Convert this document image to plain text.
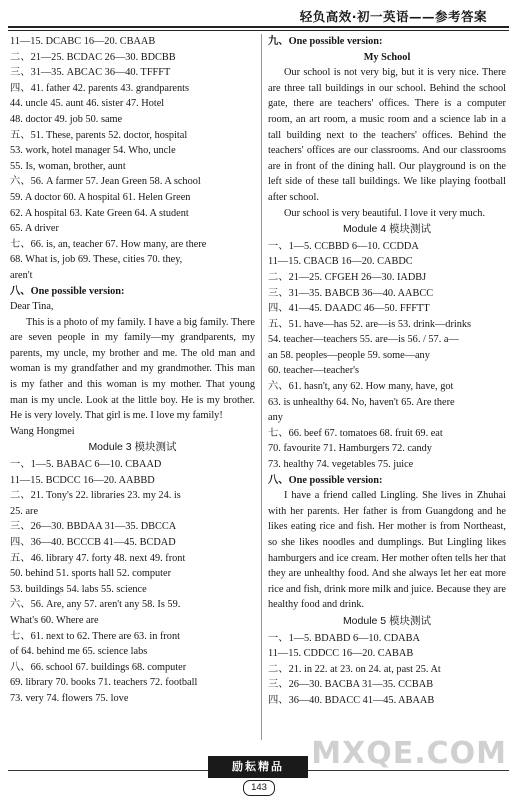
轻负高效·初一英语——参考答案
11—15. DCABC 16—20. CBAAB
二、21—25. BCDAC 26—30. BDCBB
三、31—35. ABCAC 36—40. TFFFT
四、41. father 42. parents 43. grandparents
44. uncle 45. aunt 46. sister 47. Hotel
48. doctor 49. job 50. same
五、51. These, parents 52. doctor, hospital
53. work, hotel manager 54. Who, uncle
55. Is, woman, brother, aunt
六、56. A farmer 57. Jean Green 58. A school
59. A doctor 60. A hospital 61. Helen Green
62. A hospital 63. Kate Green 64. A student
65. A driver
七、66. is, an, teacher 67. How many, are there
68. What is, job 69. These, cities 70. they,
aren't
八、One possible version:
Dear Tina,

This is a photo of my family. I have a big family. There are seven people in my family—my grandparents, my parents, my uncle, my brother and me. The old man and woman is my grandfather and my grandmother. This man is my father and this woman is my mother. That young man is my uncle. Look at the little boy. He is my brother. He is very lovely. That girl is me. I love my family!

Wang Hongmei
Module 3 模块测试
一、1—5. BABAC 6—10. CBAAD
11—15. BCDCC 16—20. AABBD
二、21. Tony's 22. libraries 23. my 24. is
25. are
三、26—30. BBDAA 31—35. DBCCA
四、36—40. BCCCB 41—45. BCDAD
五、46. library 47. forty 48. next 49. front
50. behind 51. sports hall 52. computer
53. buildings 54. labs 55. science
六、56. Are, any 57. aren't any 58. Is 59.
What's 60. Where are
七、61. next to 62. There are 63. in front
of 64. behind me 65. science labs
八、66. school 67. buildings 68. computer
69. library 70. books 71. teachers 72. football
73. very 74. flowers 75. love
九、One possible version:
My School

Our school is not very big, but it is very nice. There are three tall buildings in our school. Behind the school gate, there are teachers' offices. There is a computer room, an art room, a music room and a science lab in a tall building next to the teachers' offices. Behind the teachers' offices are our classrooms. And our classrooms are in front of the dining hall. Our playground is on the left side of these tall buildings. We like playing football after school.

Our school is very beautiful. I love it very much.

Module 4 模块测试
一、1—5. CCBBD 6—10. CCDDA
11—15. CBACB 16—20. CABDC
二、21—25. CFGEH 26—30. IADBJ
三、31—35. BABCB 36—40. AABCC
四、41—45. DAADC 46—50. FFFTT
五、51. have—has 52. are—is 53. drink—drinks
54. teacher—teachers 55. are—is 56. / 57. a—
an 58. peoples—people 59. some—any
60. teacher—teacher's
六、61. hasn't, any 62. How many, have, got
63. is unhealthy 64. No, haven't 65. Are there
any
七、66. beef 67. tomatoes 68. fruit 69. eat
70. favourite 71. Hamburgers 72. candy
73. healthy 74. vegetables 75. juice
八、One possible version:

I have a friend called Lingling. She lives in Zhuhai with her parents. Her father is from Guangdong and he likes eating rice and fish. Her mother is from Northeast, so she likes noodles and dumplings. But Lingling likes hamburgers and ice cream. Her mother often tells her that they are unhealthy food. And she always let her eat more rice and fish, drink more milk and juice. Because they are healthy food and drink.

Module 5 模块测试
一、1—5. BDABD 6—10. CDABA
11—15. CDDCC 16—20. CABAB
二、21. in 22. at 23. on 24. at, past 25. At
三、26—30. BACBA 31—35. CCBAB
四、36—40. BDACC 41—45. ABAAB
MXQE.COM
励耘精品
143
